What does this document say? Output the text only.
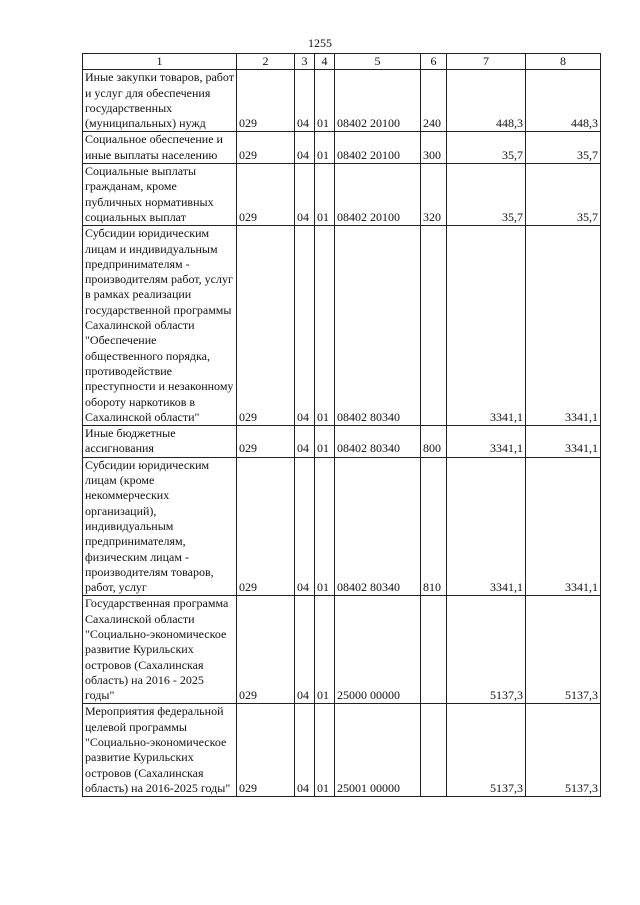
1255
1	2	3	4	5	6	7	8
Иные закупки товаров, работ и услуг для обеспечения государственных (муниципальных) нужд	029	04	01	08402 20100	240	448,3	448,3
Социальное обеспечение и иные выплаты населению	029	04	01	08402 20100	300	35,7	35,7
Социальные выплаты гражданам, кроме публичных нормативных социальных выплат	029	04	01	08402 20100	320	35,7	35,7
Субсидии юридическим лицам и индивидуальным предпринимателям - производителям работ, услуг в рамках реализации государственной программы Сахалинской области "Обеспечение общественного порядка, противодействие преступности и незаконному обороту наркотиков в Сахалинской области"	029	04	01	08402 80340		3341,1	3341,1
Иные бюджетные ассигнования	029	04	01	08402 80340	800	3341,1	3341,1
Субсидии юридическим лицам (кроме некоммерческих организаций), индивидуальным предпринимателям, физическим лицам - производителям товаров, работ, услуг	029	04	01	08402 80340	810	3341,1	3341,1
Государственная программа Сахалинской области "Социально-экономическое развитие Курильских островов (Сахалинская область) на 2016 - 2025 годы"	029	04	01	25000 00000		5137,3	5137,3
Мероприятия федеральной целевой программы "Социально-экономическое развитие Курильских островов (Сахалинская область) на 2016-2025 годы"	029	04	01	25001 00000		5137,3	5137,3
